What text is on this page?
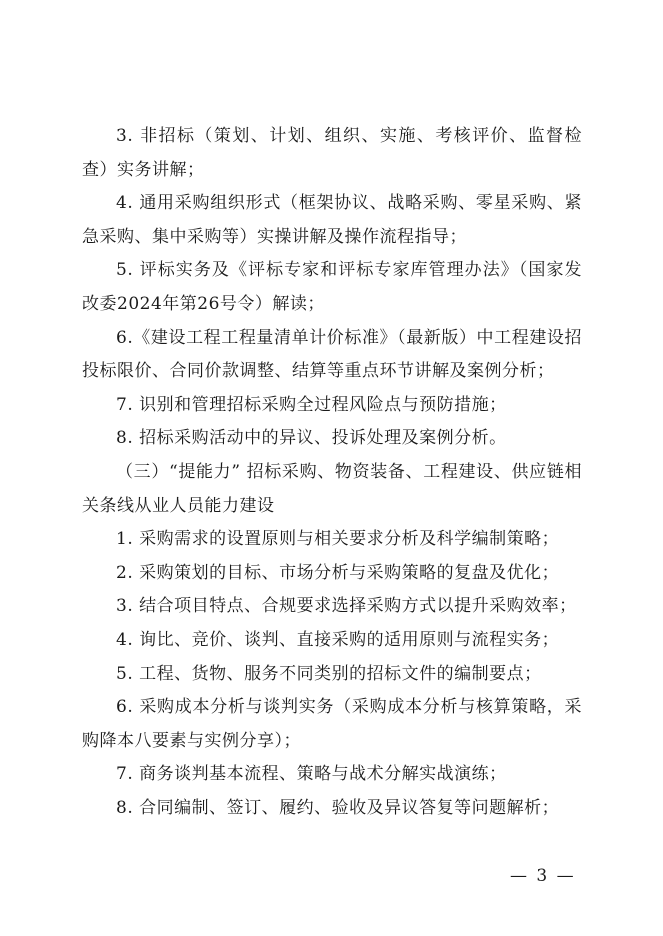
3. 非招标（策划、计划、组织、实施、考核评价、监督检查）实务讲解；

4. 通用采购组织形式（框架协议、战略采购、零星采购、紧急采购、集中采购等）实操讲解及操作流程指导；

5. 评标实务及《评标专家和评标专家库管理办法》（国家发改委2024年第26号令）解读；

6.《建设工程工程量清单计价标准》（最新版）中工程建设招投标限价、合同价款调整、结算等重点环节讲解及案例分析；

7. 识别和管理招标采购全过程风险点与预防措施；

8. 招标采购活动中的异议、投诉处理及案例分析。

（三）“提能力” 招标采购、物资装备、工程建设、供应链相关条线从业人员能力建设

1. 采购需求的设置原则与相关要求分析及科学编制策略；

2. 采购策划的目标、市场分析与采购策略的复盘及优化；

3. 结合项目特点、合规要求选择采购方式以提升采购效率；

4. 询比、竞价、谈判、直接采购的适用原则与流程实务；

5. 工程、货物、服务不同类别的招标文件的编制要点；

6. 采购成本分析与谈判实务（采购成本分析与核算策略，采购降本八要素与实例分享）；

7. 商务谈判基本流程、策略与战术分解实战演练；

8. 合同编制、签订、履约、验收及异议答复等问题解析；

— 3 —
